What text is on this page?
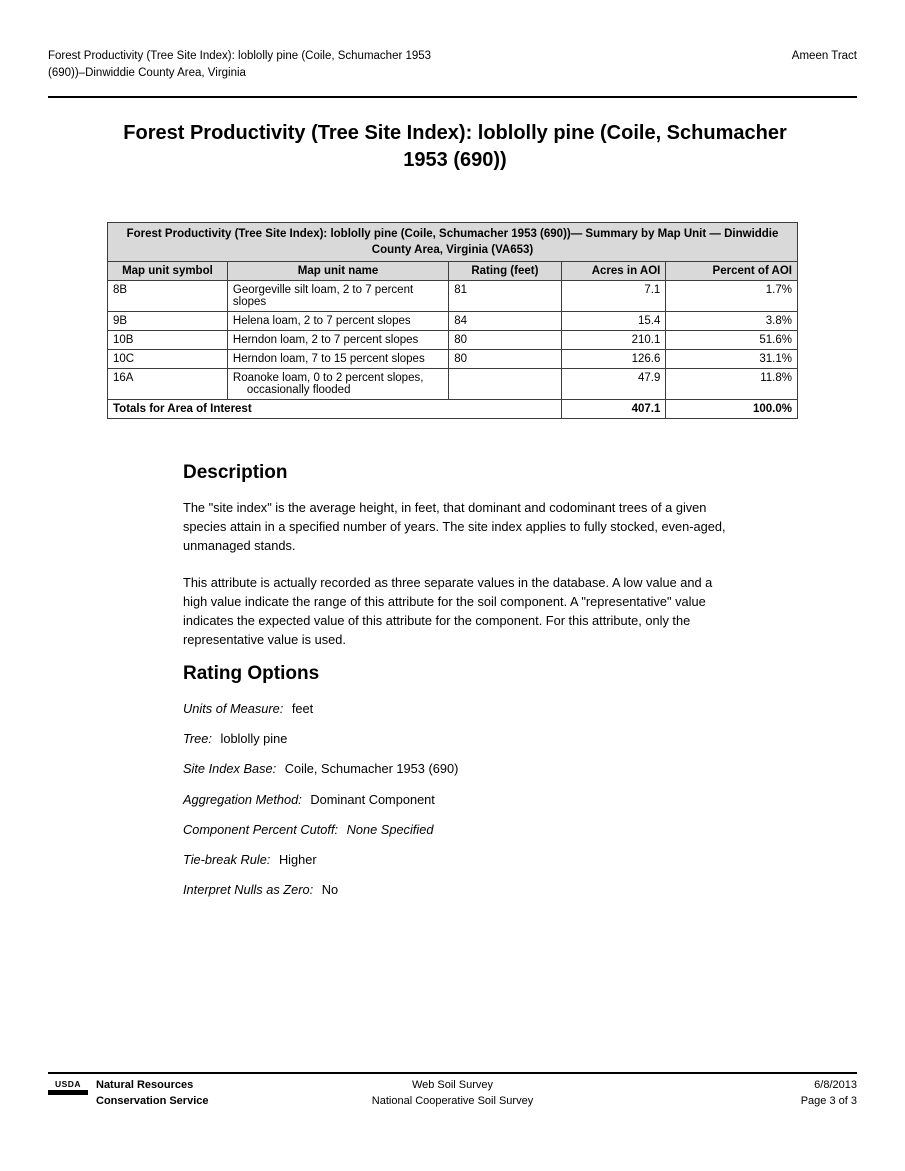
Forest Productivity (Tree Site Index): loblolly pine (Coile, Schumacher 1953
(690))–Dinwiddie County Area, Virginia
Ameen Tract
Forest Productivity (Tree Site Index): loblolly pine (Coile, Schumacher 1953 (690))
Forest Productivity (Tree Site Index): loblolly pine (Coile, Schumacher 1953 (690))— Summary by Map Unit — Dinwiddie County Area, Virginia (VA653)				
Map unit symbol	Map unit name	Rating (feet)	Acres in AOI	Percent of AOI
8B	Georgeville silt loam, 2 to 7 percent slopes	81	7.1	1.7%
9B	Helena loam, 2 to 7 percent slopes	84	15.4	3.8%
10B	Herndon loam, 2 to 7 percent slopes	80	210.1	51.6%
10C	Herndon loam, 7 to 15 percent slopes	80	126.6	31.1%
16A	Roanoke loam, 0 to 2 percent slopes,
occasionally flooded		47.9	11.8%
Totals for Area of Interest			407.1	100.0%
Description

The "site index" is the average height, in feet, that dominant and codominant trees of a given species attain in a specified number of years. The site index applies to fully stocked, even-aged, unmanaged stands.

This attribute is actually recorded as three separate values in the database. A low value and a high value indicate the range of this attribute for the soil component. A "representative" value indicates the expected value of this attribute for the component. For this attribute, only the representative value is used.

Rating Options
Units of Measure: feet
Tree: loblolly pine
Site Index Base: Coile, Schumacher 1953 (690)
Aggregation Method: Dominant Component
Component Percent Cutoff: None Specified
Tie-break Rule: Higher
Interpret Nulls as Zero: No
USDA	Natural Resources
Conservation Service
Web Soil Survey
National Cooperative Soil Survey
6/8/2013
Page 3 of 3
